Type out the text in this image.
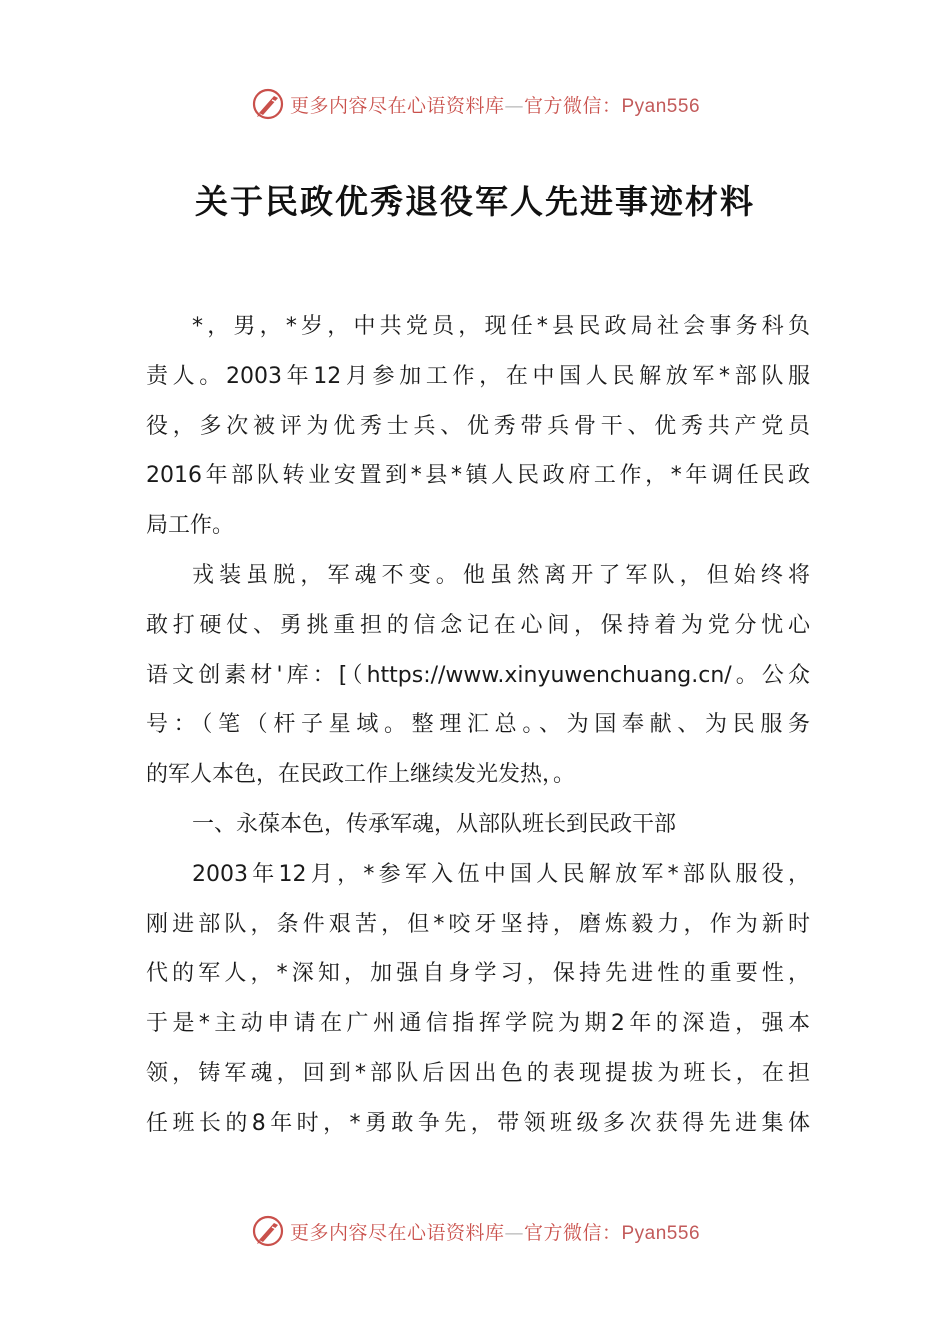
更多内容尽在心语资料库—官方微信：Pyan556
关于民政优秀退役军人先进事迹材料
*，男，*岁，中共党员，现任*县民政局社会事务科负
责人。2003年12月参加工作，在中国人民解放军*部队服
役，多次被评为优秀士兵、优秀带兵骨干、优秀共产党员
2016年部队转业安置到*县*镇人民政府工作，*年调任民政
局工作。
戎装虽脱，军魂不变。他虽然离开了军队，但始终将
敢打硬仗、勇挑重担的信念记在心间，保持着为党分忧心
语文创素材'库：[（https://www.xinyuwenchuang.cn/。公众
号：（笔（杆子星域。整理汇总。、为国奉献、为民服务
的军人本色，在民政工作上继续发光发热，。
一、永葆本色，传承军魂，从部队班长到民政干部
2003年12月，*参军入伍中国人民解放军*部队服役，
刚进部队，条件艰苦，但*咬牙坚持，磨炼毅力，作为新时
代的军人，*深知，加强自身学习，保持先进性的重要性，
于是*主动申请在广州通信指挥学院为期2年的深造，强本
领，铸军魂，回到*部队后因出色的表现提拔为班长，在担
任班长的8年时，*勇敢争先，带领班级多次获得先进集体
更多内容尽在心语资料库—官方微信：Pyan556
